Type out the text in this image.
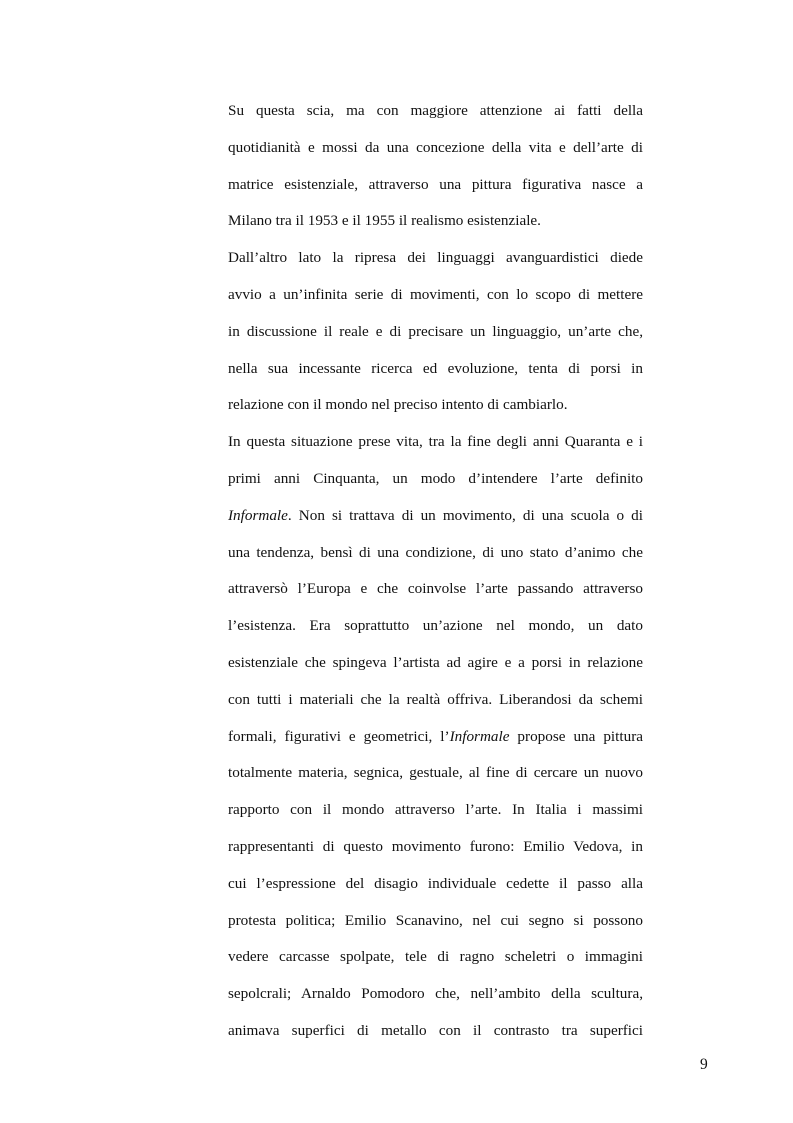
Su questa scia, ma con maggiore attenzione ai fatti della
quotidianità e mossi da una concezione della vita e dell’arte di
matrice esistenziale, attraverso una pittura figurativa nasce a
Milano tra il 1953 e il 1955 il realismo esistenziale.
Dall’altro lato la ripresa dei linguaggi avanguardistici diede
avvio a un’infinita serie di movimenti, con lo scopo di mettere
in discussione il reale e di precisare un linguaggio, un’arte che,
nella sua incessante ricerca ed evoluzione, tenta di porsi in
relazione con il mondo nel preciso intento di cambiarlo.
In questa situazione prese vita, tra la fine degli anni Quaranta e i
primi anni Cinquanta, un modo d’intendere l’arte definito
Informale. Non si trattava di un movimento, di una scuola o di
una tendenza, bensì di una condizione, di uno stato d’animo che
attraversò l’Europa e che coinvolse l’arte passando attraverso
l’esistenza. Era soprattutto un’azione nel mondo, un dato
esistenziale che spingeva l’artista ad agire e a porsi in relazione
con tutti i materiali che la realtà offriva. Liberandosi da schemi
formali, figurativi e geometrici, l’Informale propose una pittura
totalmente materia, segnica, gestuale, al fine di cercare un nuovo
rapporto con il mondo attraverso l’arte. In Italia i massimi
rappresentanti di questo movimento furono: Emilio Vedova, in
cui l’espressione del disagio individuale cedette il passo alla
protesta politica; Emilio Scanavino, nel cui segno si possono
vedere carcasse spolpate, tele di ragno scheletri o immagini
sepolcrali; Arnaldo Pomodoro che, nell’ambito della scultura,
animava superfici di metallo con il contrasto tra superfici
9
